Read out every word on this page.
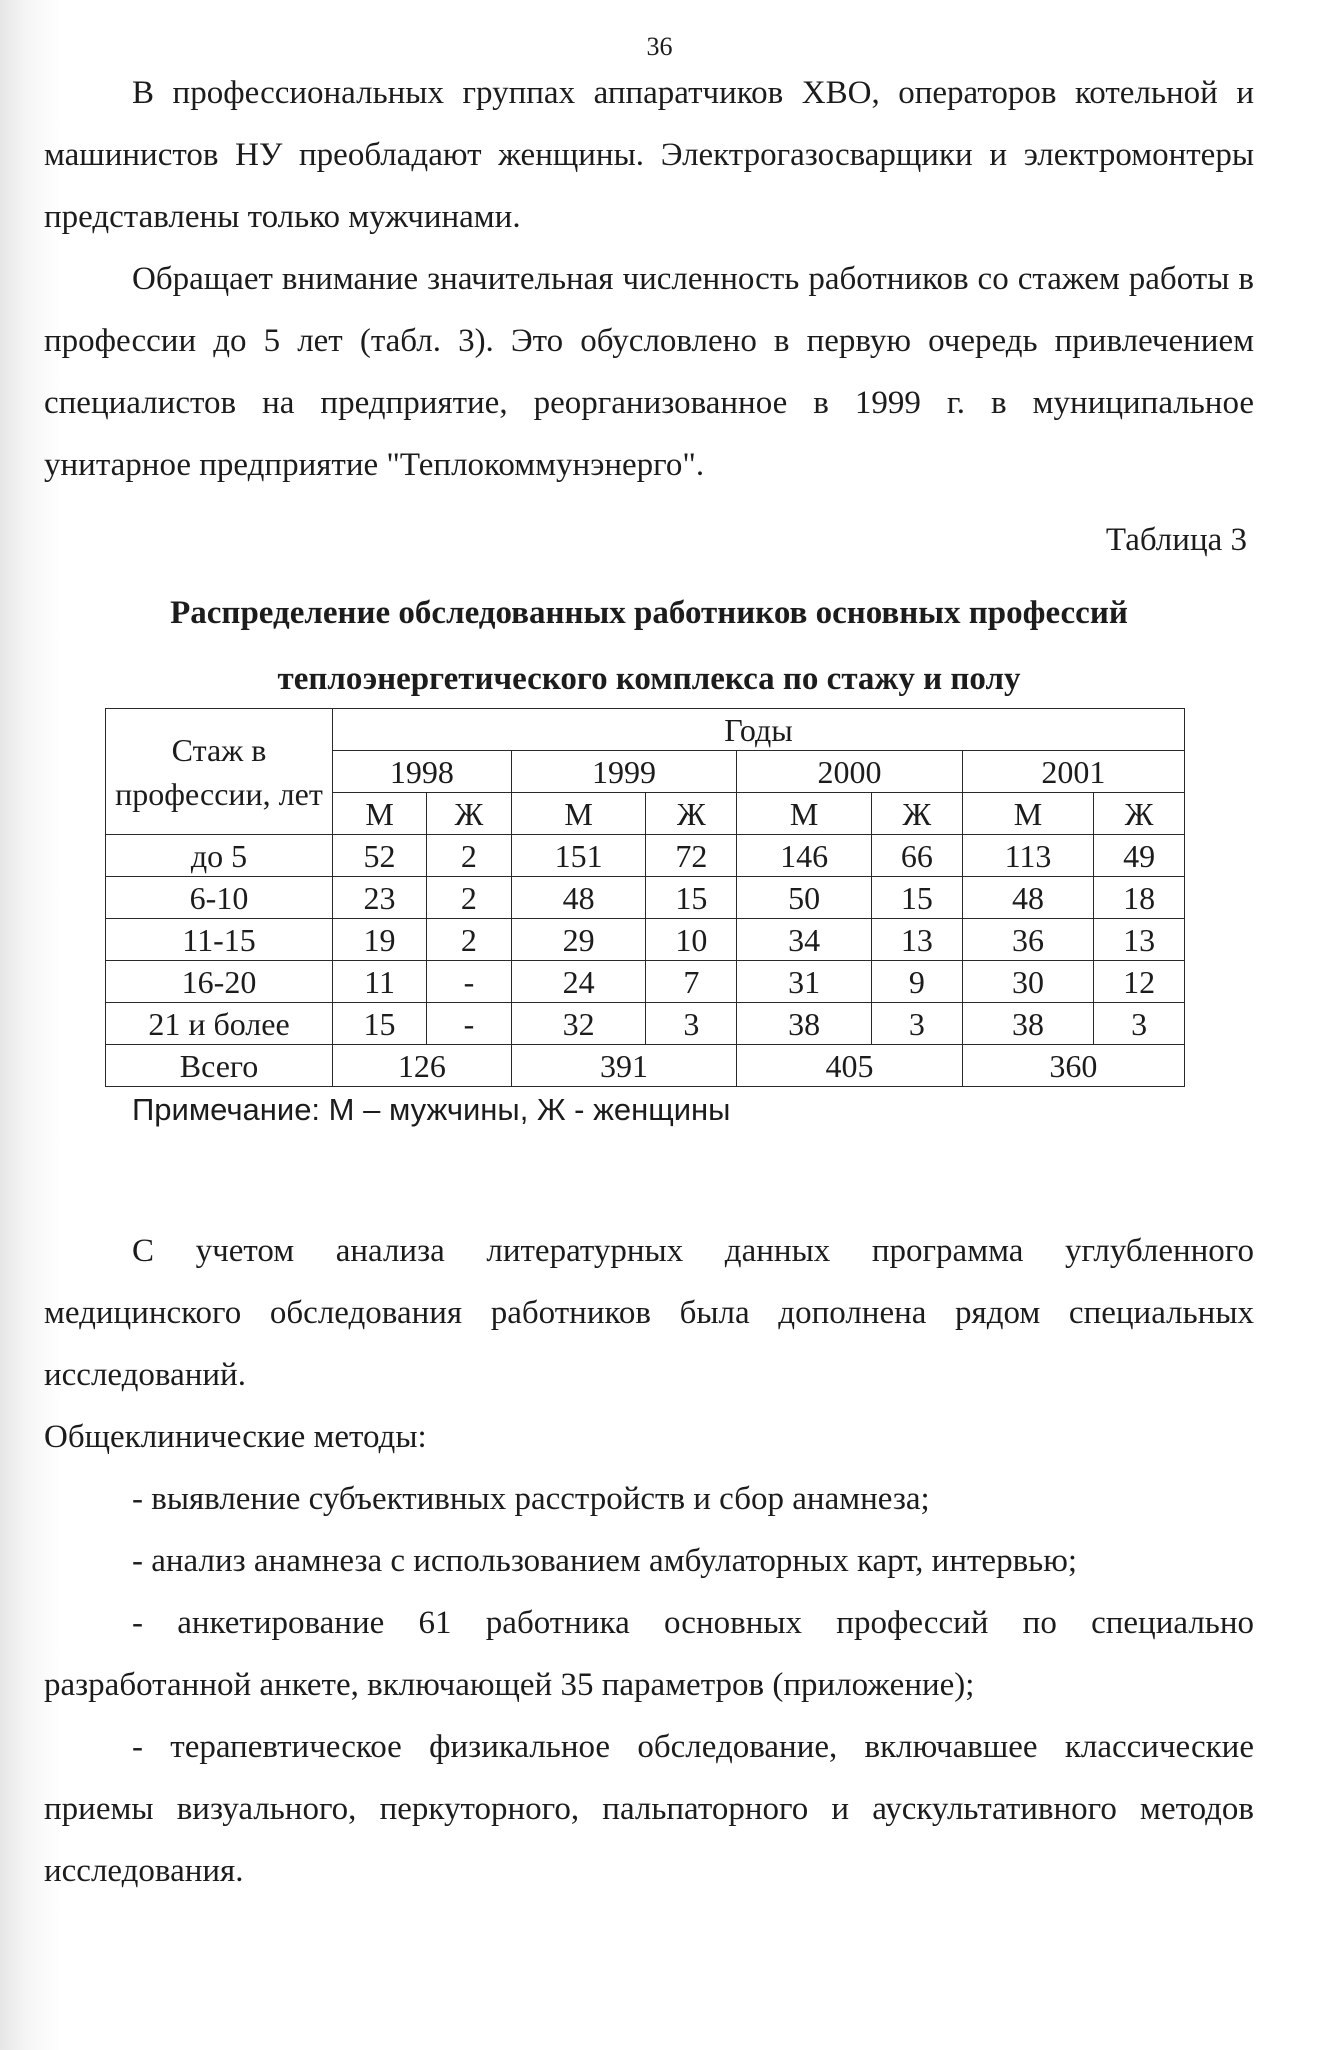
36

В профессиональных группах аппаратчиков ХВО, операторов котельной и машинистов НУ преобладают женщины. Электрогазосварщики и электромонтеры представлены только мужчинами.

Обращает внимание значительная численность работников со стажем работы в профессии до 5 лет (табл. 3). Это обусловлено в первую очередь привлечением специалистов на предприятие, реорганизованное в 1999 г. в муниципальное унитарное предприятие "Теплокоммунэнерго".

Таблица 3

Распределение обследованных работников основных профессий
теплоэнергетического комплекса по стажу и полу

Стаж в профессии, лет	Годы							
	1998		1999		2000		2001	
	М	Ж	М	Ж	М	Ж	М	Ж
до 5	52	2	151	72	146	66	113	49
6-10	23	2	48	15	50	15	48	18
11-15	19	2	29	10	34	13	36	13
16-20	11	-	24	7	31	9	30	12
21 и более	15	-	32	3	38	3	38	3
Всего	126		391		405		360	
Примечание: М – мужчины, Ж - женщины

С учетом анализа литературных данных программа углубленного медицинского обследования работников была дополнена рядом специальных исследований.

Общеклинические методы:

- выявление субъективных расстройств и сбор анамнеза;

- анализ анамнеза с использованием амбулаторных карт, интервью;

- анкетирование 61 работника основных профессий по специально разработанной анкете, включающей 35 параметров (приложение);

- терапевтическое физикальное обследование, включавшее классические приемы визуального, перкуторного, пальпаторного и аускультативного методов исследования.
